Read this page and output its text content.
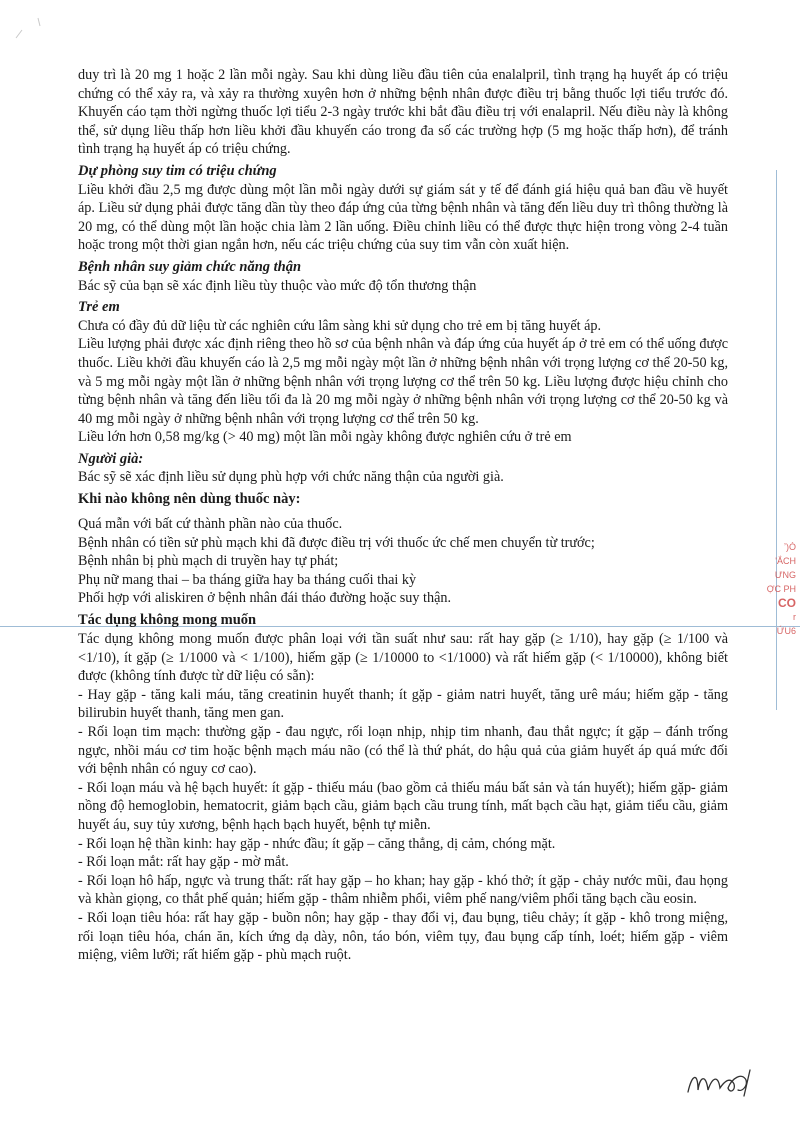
duy trì là 20 mg 1 hoặc 2 lần mỗi ngày. Sau khi dùng liều đầu tiên của enalalpril, tình trạng hạ huyết áp có triệu chứng có thể xảy ra, và xảy ra thường xuyên hơn ở những bệnh nhân được điều trị bằng thuốc lợi tiểu trước đó. Khuyến cáo tạm thời ngừng thuốc lợi tiểu 2-3 ngày trước khi bắt đầu điều trị với enalapril. Nếu điều này là không thể, sử dụng liều thấp hơn liều khởi đầu khuyến cáo trong đa số các trường hợp (5 mg hoặc thấp hơn), để tránh tình trạng hạ huyết áp có triệu chứng.

Dự phòng suy tim có triệu chứng

Liều khởi đầu 2,5 mg được dùng một lần mỗi ngày dưới sự giám sát y tế để đánh giá hiệu quả ban đầu về huyết áp. Liều sử dụng phải được tăng dần tùy theo đáp ứng của từng bệnh nhân và tăng đến liều duy trì thông thường là 20 mg, có thể dùng một lần hoặc chia làm 2 lần uống. Điều chỉnh liều có thể được thực hiện trong vòng 2-4 tuần hoặc trong một thời gian ngắn hơn, nếu các triệu chứng của suy tim vẫn còn xuất hiện.

Bệnh nhân suy giảm chức năng thận

Bác sỹ của bạn sẽ xác định liều tùy thuộc vào mức độ tổn thương thận

Trẻ em

Chưa có đầy đủ dữ liệu từ các nghiên cứu lâm sàng khi sử dụng cho trẻ em bị tăng huyết áp.

Liều lượng phải được xác định riêng theo hồ sơ của bệnh nhân và đáp ứng của huyết áp ở trẻ em có thể uống được thuốc. Liều khởi đầu khuyến cáo là 2,5 mg mỗi ngày một lần ở những bệnh nhân với trọng lượng cơ thể 20-50 kg, và 5 mg mỗi ngày một lần ở những bệnh nhân với trọng lượng cơ thể trên 50 kg. Liều lượng được hiệu chỉnh cho từng bệnh nhân và tăng đến liều tối đa là 20 mg mỗi ngày ở những bệnh nhân với trọng lượng cơ thể 20-50 kg và 40 mg mỗi ngày ở những bệnh nhân với trọng lượng cơ thể trên 50 kg.

Liều lớn hơn 0,58 mg/kg (> 40 mg) một lần mỗi ngày không được nghiên cứu ở trẻ em

Người già:

Bác sỹ sẽ xác định liều sử dụng phù hợp với chức năng thận của người già.

Khi nào không nên dùng thuốc này:

Quá mẫn với bất cứ thành phần nào của thuốc.

Bệnh nhân có tiền sử phù mạch khi đã được điều trị với thuốc ức chế men chuyển từ trước;

Bệnh nhân bị phù mạch di truyền hay tự phát;

Phụ nữ mang thai – ba tháng giữa hay ba tháng cuối thai kỳ

Phối hợp với aliskiren ở bệnh nhân đái tháo đường hoặc suy thận.

Tác dụng không mong muốn

Tác dụng không mong muốn được phân loại với tần suất như sau: rất hay gặp (≥ 1/10), hay gặp (≥ 1/100 và <1/10), ít gặp (≥ 1/1000 và < 1/100), hiếm gặp (≥ 1/10000 to <1/1000) và rất hiếm gặp (< 1/10000), không biết được (không tính được từ dữ liệu có sẵn):

- Hay gặp - tăng kali máu, tăng creatinin huyết thanh; ít gặp - giảm natri huyết, tăng urê máu; hiếm gặp - tăng bilirubin huyết thanh, tăng men gan.

- Rối loạn tim mạch: thường gặp - đau ngực, rối loạn nhịp, nhịp tim nhanh, đau thắt ngực; ít gặp – đánh trống ngực, nhồi máu cơ tim hoặc bệnh mạch máu não (có thể là thứ phát, do hậu quả của giảm huyết áp quá mức đối với bệnh nhân có nguy cơ cao).

- Rối loạn máu và hệ bạch huyết: ít gặp - thiếu máu (bao gồm cả thiếu máu bất sản và tán huyết); hiếm gặp- giảm nồng độ hemoglobin, hematocrit, giảm bạch cầu, giảm bạch cầu trung tính, mất bạch cầu hạt, giảm tiểu cầu, giảm huyết áu, suy tủy xương, bệnh hạch bạch huyết, bệnh tự miễn.

- Rối loạn hệ thần kinh: hay gặp - nhức đầu; ít gặp – căng thẳng, dị cảm, chóng mặt.

- Rối loạn mắt: rất hay gặp - mờ mắt.

- Rối loạn hô hấp, ngực và trung thất: rất hay gặp – ho khan; hay gặp - khó thở; ít gặp - chảy nước mũi, đau họng và khàn giọng, co thắt phế quản; hiếm gặp - thâm nhiễm phổi, viêm phế nang/viêm phổi tăng bạch cầu eosin.

- Rối loạn tiêu hóa: rất hay gặp - buồn nôn; hay gặp - thay đổi vị, đau bụng, tiêu chảy; ít gặp - khô trong miệng, rối loạn tiêu hóa, chán ăn, kích ứng dạ dày, nôn, táo bón, viêm tụy, đau bụng cấp tính, loét; hiếm gặp - viêm miệng, viêm lưỡi; rất hiếm gặp - phù mạch ruột.

ʼ)Ó
'ẮCH
ƯNG
ỢC PH
CO
r
ỨU6
